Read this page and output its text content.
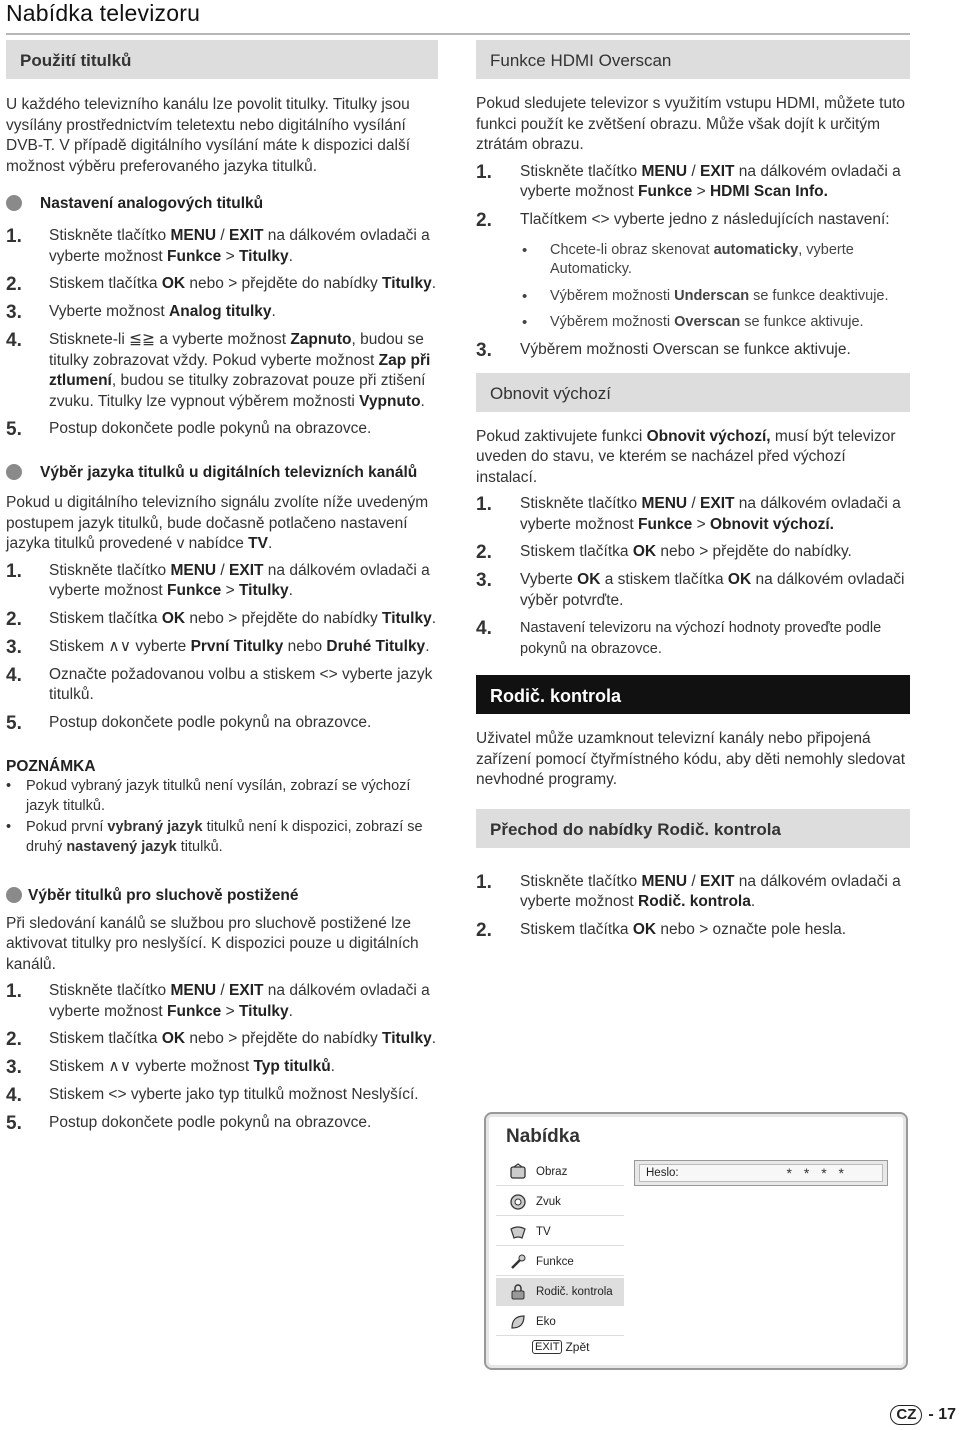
Nabídka televizoru
Použití titulků

U každého televizního kanálu lze povolit titulky. Titulky jsou vysílány prostřednictvím teletextu nebo digitálního vysílání DVB-T. V případě digitálního vysílání máte k dispozici další možnost výběru preferovaného jazyka titulků.

Nastavení analogových titulků
1.	Stiskněte tlačítko MENU / EXIT na dálkovém ovladači a vyberte možnost Funkce > Titulky.
2.	Stiskem tlačítka OK nebo > přejděte do nabídky Titulky.
3.	Vyberte možnost Analog titulky.
4.	Stisknete-li ≦≧ a vyberte možnost Zapnuto, budou se titulky zobrazovat vždy. Pokud vyberte možnost Zap při ztlumení, budou se titulky zobrazovat pouze při ztišení zvuku. Titulky lze vypnout výběrem možnosti Vypnuto.
5.	Postup dokončete podle pokynů na obrazovce.
Výběr jazyka titulků u digitálních televizních kanálů

Pokud u digitálního televizního signálu zvolíte níže uvedeným postupem jazyk titulků, bude dočasně potlačeno nastavení jazyka titulků provedené v nabídce TV.

1.	Stiskněte tlačítko MENU / EXIT na dálkovém ovladači a vyberte možnost Funkce > Titulky.
2.	Stiskem tlačítka OK nebo > přejděte do nabídky Titulky.
3.	Stiskem ∧∨ vyberte První Titulky nebo Druhé Titulky.
4.	Označte požadovanou volbu a stiskem <> vyberte jazyk titulků.
5.	Postup dokončete podle pokynů na obrazovce.
POZNÁMKA
• Pokud vybraný jazyk titulků není vysílán, zobrazí se výchozí jazyk titulků.
• Pokud první vybraný jazyk titulků není k dispozici, zobrazí se druhý nastavený jazyk titulků.
Výběr titulků pro sluchově postižené

Při sledování kanálů se službou pro sluchově postižené lze aktivovat titulky pro neslyšící. K dispozici pouze u digitálních kanálů.

1.	Stiskněte tlačítko MENU / EXIT na dálkovém ovladači a vyberte možnost Funkce > Titulky.
2.	Stiskem tlačítka OK nebo > přejděte do nabídky Titulky.
3.	Stiskem ∧∨ vyberte možnost Typ titulků.
4.	Stiskem <> vyberte jako typ titulků možnost Neslyšící.
5.	Postup dokončete podle pokynů na obrazovce.
Funkce HDMI Overscan

Pokud sledujete televizor s využitím vstupu HDMI, můžete tuto funkci použít ke zvětšení obrazu. Může však dojít k určitým ztrátám obrazu.

1.	Stiskněte tlačítko MENU / EXIT na dálkovém ovladači a vyberte možnost Funkce > HDMI Scan Info.
2.	Tlačítkem <> vyberte jedno z následujících nastavení:
• Chcete-li obraz skenovat automaticky, vyberte Automaticky.
• Výběrem možnosti Underscan se funkce deaktivuje.
• Výběrem možnosti Overscan se funkce aktivuje.
3.	Výběrem možnosti Overscan se funkce aktivuje.
Obnovit výchozí

Pokud zaktivujete funkci Obnovit výchozí, musí být televizor uveden do stavu, ve kterém se nacházel před výchozí instalací.

1.	Stiskněte tlačítko MENU / EXIT na dálkovém ovladači a vyberte možnost Funkce > Obnovit výchozí.
2.	Stiskem tlačítka OK nebo > přejděte do nabídky.
3.	Vyberte OK a stiskem tlačítka OK na dálkovém ovladači výběr potvrďte.
4.	Nastavení televizoru na výchozí hodnoty proveďte podle pokynů na obrazovce.
Rodič. kontrola

Uživatel může uzamknout televizní kanály nebo připojená zařízení pomocí čtyřmístného kódu, aby děti nemohly sledovat nevhodné programy.

Přechod do nabídky Rodič. kontrola
1.	Stiskněte tlačítko MENU / EXIT na dálkovém ovladači a vyberte možnost Rodič. kontrola.
2.	Stiskem tlačítka OK nebo > označte pole hesla.
Nabídka
Obraz
Zvuk
TV
Funkce
Rodič. kontrola
Eko
Heslo:	* * * *
EXIT Zpět
CZ - 17
